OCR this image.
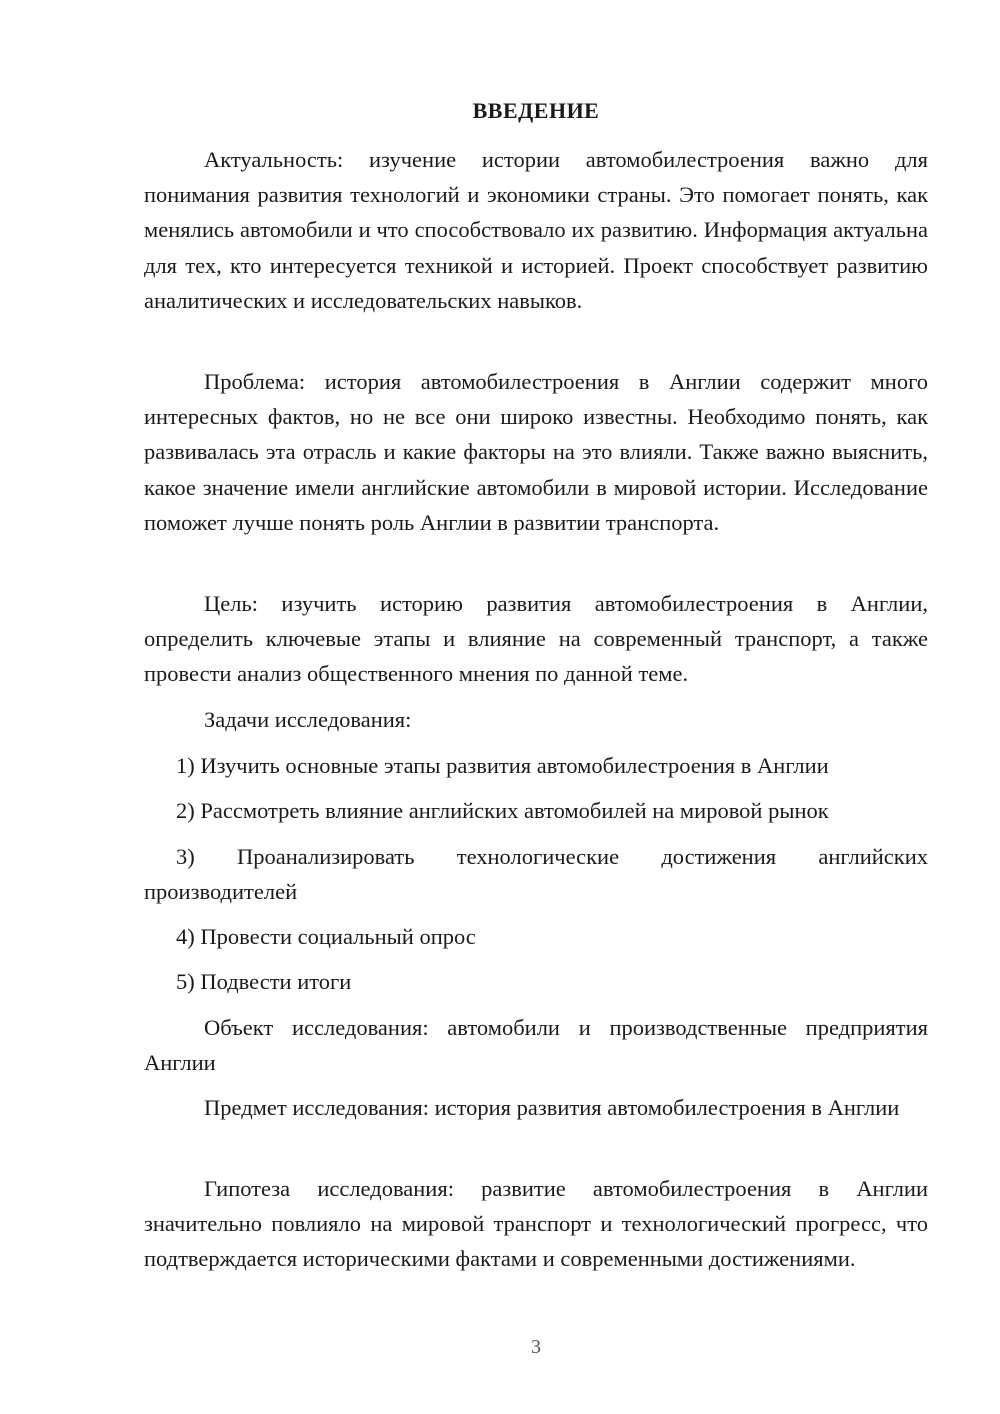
ВВЕДЕНИЕ

Актуальность: изучение истории автомобилестроения важно для понимания развития технологий и экономики страны. Это помогает понять, как менялись автомобили и что способствовало их развитию. Информация актуальна для тех, кто интересуется техникой и историей. Проект способствует развитию аналитических и исследовательских навыков.

Проблема: история автомобилестроения в Англии содержит много интересных фактов, но не все они широко известны. Необходимо понять, как развивалась эта отрасль и какие факторы на это влияли. Также важно выяснить, какое значение имели английские автомобили в мировой истории. Исследование поможет лучше понять роль Англии в развитии транспорта.

Цель: изучить историю развития автомобилестроения в Англии, определить ключевые этапы и влияние на современный транспорт, а также провести анализ общественного мнения по данной теме.

Задачи исследования:

1) Изучить основные этапы развития автомобилестроения в Англии

2) Рассмотреть влияние английских автомобилей на мировой рынок

3) Проанализировать технологические достижения английских производителей

4) Провести социальный опрос

5) Подвести итоги

Объект исследования: автомобили и производственные предприятия Англии

Предмет исследования: история развития автомобилестроения в Англии

Гипотеза исследования: развитие автомобилестроения в Англии значительно повлияло на мировой транспорт и технологический прогресс, что подтверждается историческими фактами и современными достижениями.

3
